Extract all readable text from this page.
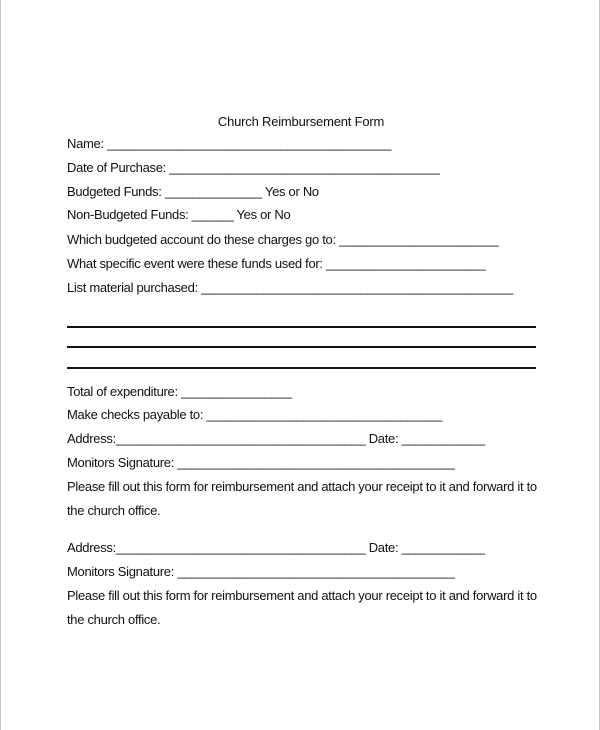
Church Reimbursement Form
Name: _________________________________________
Date of Purchase: _______________________________________
Budgeted Funds: ______________ Yes or No
Non-Budgeted Funds: ______ Yes or No
Which budgeted account do these charges go to: _______________________
What specific event were these funds used for: _______________________
List material purchased: _____________________________________________
Total of expenditure: ________________
Make checks payable to: __________________________________
Address:____________________________________ Date: ____________
Monitors Signature: ________________________________________
Please fill out this form for reimbursement and attach your receipt to it and forward it to
the church office.
Address:____________________________________ Date: ____________
Monitors Signature: ________________________________________
Please fill out this form for reimbursement and attach your receipt to it and forward it to
the church office.
